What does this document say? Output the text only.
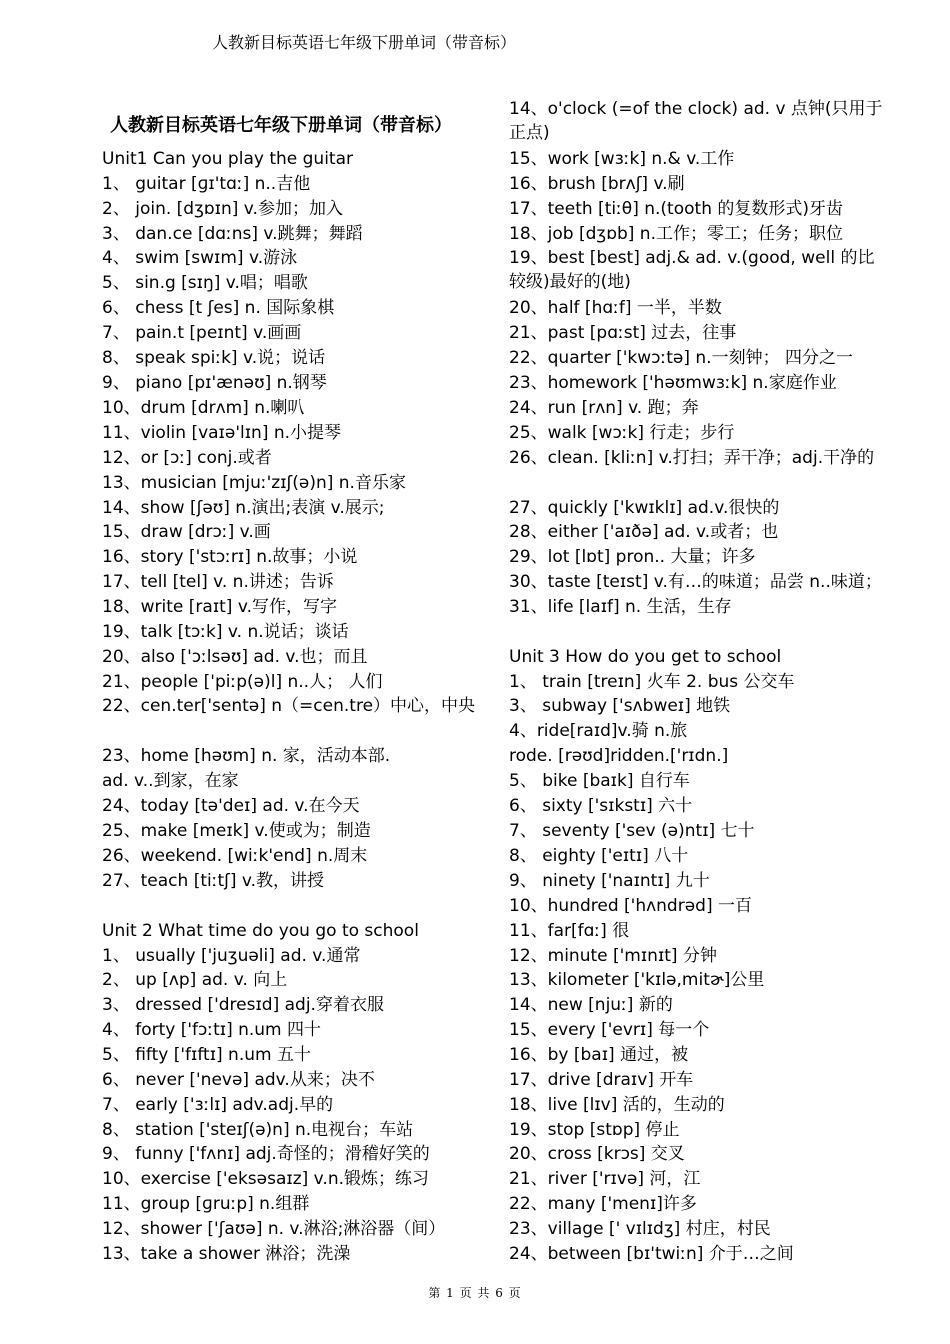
人教新目标英语七年级下册单词（带音标）
人教新目标英语七年级下册单词（带音标）
Unit1 Can you play the guitar
1、 guitar [ɡɪ'tɑː] n..吉他
2、 join. [dʒɒɪn] v.参加；加入
3、 dan.ce [dɑːns] v.跳舞；舞蹈
4、 swim [swɪm] v.游泳
5、 sin.g [sɪŋ] v.唱；唱歌
6、 chess [t ʃes] n. 国际象棋
7、 pain.t [peɪnt] v.画画
8、 speak spiːk] v.说；说话
9、 piano [pɪ'ænəʊ] n.钢琴
10、drum [drʌm] n.喇叭
11、violin [vaɪə'lɪn] n.小提琴
12、or [ɔː] conj.或者
13、musician [mjuː'zɪʃ(ə)n] n.音乐家
14、show [ʃəʊ] n.演出;表演 v.展示;
15、draw [drɔː] v.画
16、story ['stɔːrɪ] n.故事；小说
17、tell [tel] v. n.讲述；告诉
18、write [raɪt] v.写作，写字
19、talk [tɔːk] v. n.说话；谈话
20、also ['ɔːlsəʊ] ad. v.也；而且
21、people ['piːp(ə)l] n..人； 人们
22、cen.ter['sentə] n（=cen.tre）中心，中央
23、home [həʊm] n. 家，活动本部.
ad. v..到家，在家
24、today [tə'deɪ] ad. v.在今天
25、make [meɪk] v.使或为；制造
26、weekend. [wiːk'end] n.周末
27、teach [tiːtʃ] v.教，讲授
Unit 2 What time do you go to school
1、 usually ['juʒuəli] ad. v.通常
2、 up [ʌp] ad. v. 向上
3、 dressed ['dresɪd] adj.穿着衣服
4、 forty ['fɔːtɪ] n.um 四十
5、 fifty ['fɪftɪ] n.um 五十
6、 never ['nevə] adv.从来；决不
7、 early ['ɜːlɪ] adv.adj.早的
8、 station ['steɪʃ(ə)n] n.电视台；车站
9、 funny ['fʌnɪ] adj.奇怪的；滑稽好笑的
10、exercise ['eksəsaɪz] v.n.锻炼；练习
11、group [ɡruːp] n.组群
12、shower ['ʃaʊə] n. v.淋浴;淋浴器（间）
13、take a shower 淋浴；洗澡
14、o'clock (=of the clock) ad. v 点钟(只用于正点)
15、work [wɜːk] n.& v.工作
16、brush [brʌʃ] v.刷
17、teeth [tiːθ] n.(tooth 的复数形式)牙齿
18、job [dʒɒb] n.工作；零工；任务；职位
19、best [best] adj.& ad. v.(good, well 的比较级)最好的(地)
20、half [hɑːf] 一半，半数
21、past [pɑːst] 过去，往事
22、quarter ['kwɔːtə] n.一刻钟； 四分之一
23、homework ['həʊmwɜːk] n.家庭作业
24、run [rʌn] v. 跑；奔
25、walk [wɔːk] 行走；步行
26、clean. [kliːn] v.打扫；弄干净；adj.干净的
27、quickly ['kwɪklɪ] ad.v.很快的
28、either ['aɪðə] ad. v.或者；也
29、lot [lɒt] pron.. 大量；许多
30、taste [teɪst] v.有…的味道；品尝 n..味道；
31、life [laɪf] n. 生活，生存
Unit 3 How do you get to school
1、 train [treɪn] 火车 2. bus 公交车
3、 subway ['sʌbweɪ] 地铁
4、ride[raɪd]v.骑 n.旅
rode. [rəʊd]ridden.['rɪdn.]
5、 bike [baɪk] 自行车
6、 sixty ['sɪkstɪ] 六十
7、 seventy ['sev (ə)ntɪ] 七十
8、 eighty ['eɪtɪ] 八十
9、 ninety ['naɪntɪ] 九十
10、hundred ['hʌndrəd] 一百
11、far[fɑː] 很
12、minute ['mɪnɪt] 分钟
13、kilometer ['kɪlə,mitɚ]公里
14、new [njuː] 新的
15、every ['evrɪ] 每一个
16、by [baɪ] 通过，被
17、drive [draɪv] 开车
18、live [lɪv] 活的，生动的
19、stop [stɒp] 停止
20、cross [krɔs] 交叉
21、river ['rɪvə] 河，江
22、many ['menɪ]许多
23、village [' vɪlɪdʒ] 村庄，村民
24、between [bɪ'twiːn] 介于…之间
第 1 页 共 6 页
